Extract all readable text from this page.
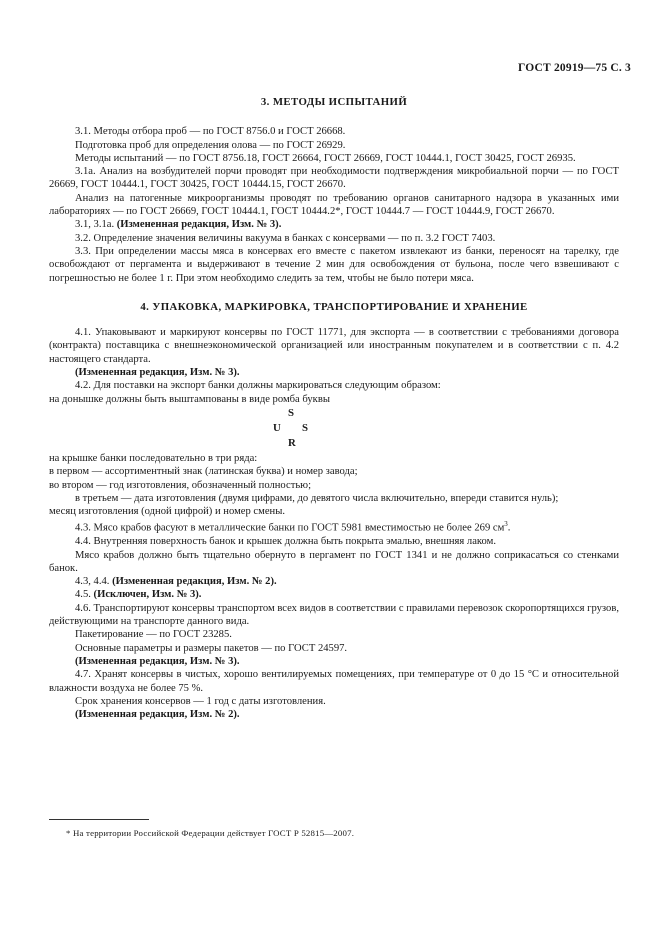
ГОСТ 20919—75 С. 3
3. МЕТОДЫ ИСПЫТАНИЙ

3.1. Методы отбора проб — по ГОСТ 8756.0 и ГОСТ 26668.

Подготовка проб для определения олова — по ГОСТ 26929.

Методы испытаний — по ГОСТ 8756.18, ГОСТ 26664, ГОСТ 26669, ГОСТ 10444.1, ГОСТ 30425, ГОСТ 26935.

3.1а. Анализ на возбудителей порчи проводят при необходимости подтверждения микробиальной порчи — по ГОСТ 26669, ГОСТ 10444.1, ГОСТ 30425, ГОСТ 10444.15, ГОСТ 26670.

Анализ на патогенные микроорганизмы проводят по требованию органов санитарного надзора в указанных ими лабораториях — по ГОСТ 26669, ГОСТ 10444.1, ГОСТ 10444.2*, ГОСТ 10444.7 — ГОСТ 10444.9, ГОСТ 26670.

3.1, 3.1а. (Измененная редакция, Изм. № 3).

3.2. Определение значения величины вакуума в банках с консервами — по п. 3.2 ГОСТ 7403.

3.3. При определении массы мяса в консервах его вместе с пакетом извлекают из банки, переносят на тарелку, где освобождают от пергамента и выдерживают в течение 2 мин для освобождения от бульона, после чего взвешивают с погрешностью не более 1 г. При этом необходимо следить за тем, чтобы не было потери мяса.

4. УПАКОВКА, МАРКИРОВКА, ТРАНСПОРТИРОВАНИЕ И ХРАНЕНИЕ

4.1. Упаковывают и маркируют консервы по ГОСТ 11771, для экспорта — в соответствии с требованиями договора (контракта) поставщика с внешнеэкономической организацией или иностранным покупателем и в соответствии с п. 4.2 настоящего стандарта.

(Измененная редакция, Изм. № 3).

4.2. Для поставки на экспорт банки должны маркироваться следующим образом:

на донышке должны быть выштампованы в виде ромба буквы

S
U S
R

на крышке банки последовательно в три ряда:

в первом — ассортиментный знак (латинская буква) и номер завода;

во втором — год изготовления, обозначенный полностью;

в третьем — дата изготовления (двумя цифрами, до девятого числа включительно, впереди ставится нуль);

месяц изготовления (одной цифрой) и номер смены.

4.3. Мясо крабов фасуют в металлические банки по ГОСТ 5981 вместимостью не более 269 $см^3$.

4.4. Внутренняя поверхность банок и крышек должна быть покрыта эмалью, внешняя лаком.

Мясо крабов должно быть тщательно обернуто в пергамент по ГОСТ 1341 и не должно соприкасаться со стенками банок.

4.3, 4.4. (Измененная редакция, Изм. № 2).

4.5. (Исключен, Изм. № 3).

4.6. Транспортируют консервы транспортом всех видов в соответствии с правилами перевозок скоропортящихся грузов, действующими на транспорте данного вида.

Пакетирование — по ГОСТ 23285.

Основные параметры и размеры пакетов — по ГОСТ 24597.

(Измененная редакция, Изм. № 3).

4.7. Хранят консервы в чистых, хорошо вентилируемых помещениях, при температуре от 0 до 15 °С и относительной влажности воздуха не более 75 %.

Срок хранения консервов — 1 год с даты изготовления.

(Измененная редакция, Изм. № 2).

* На территории Российской Федерации действует ГОСТ Р 52815—2007.
